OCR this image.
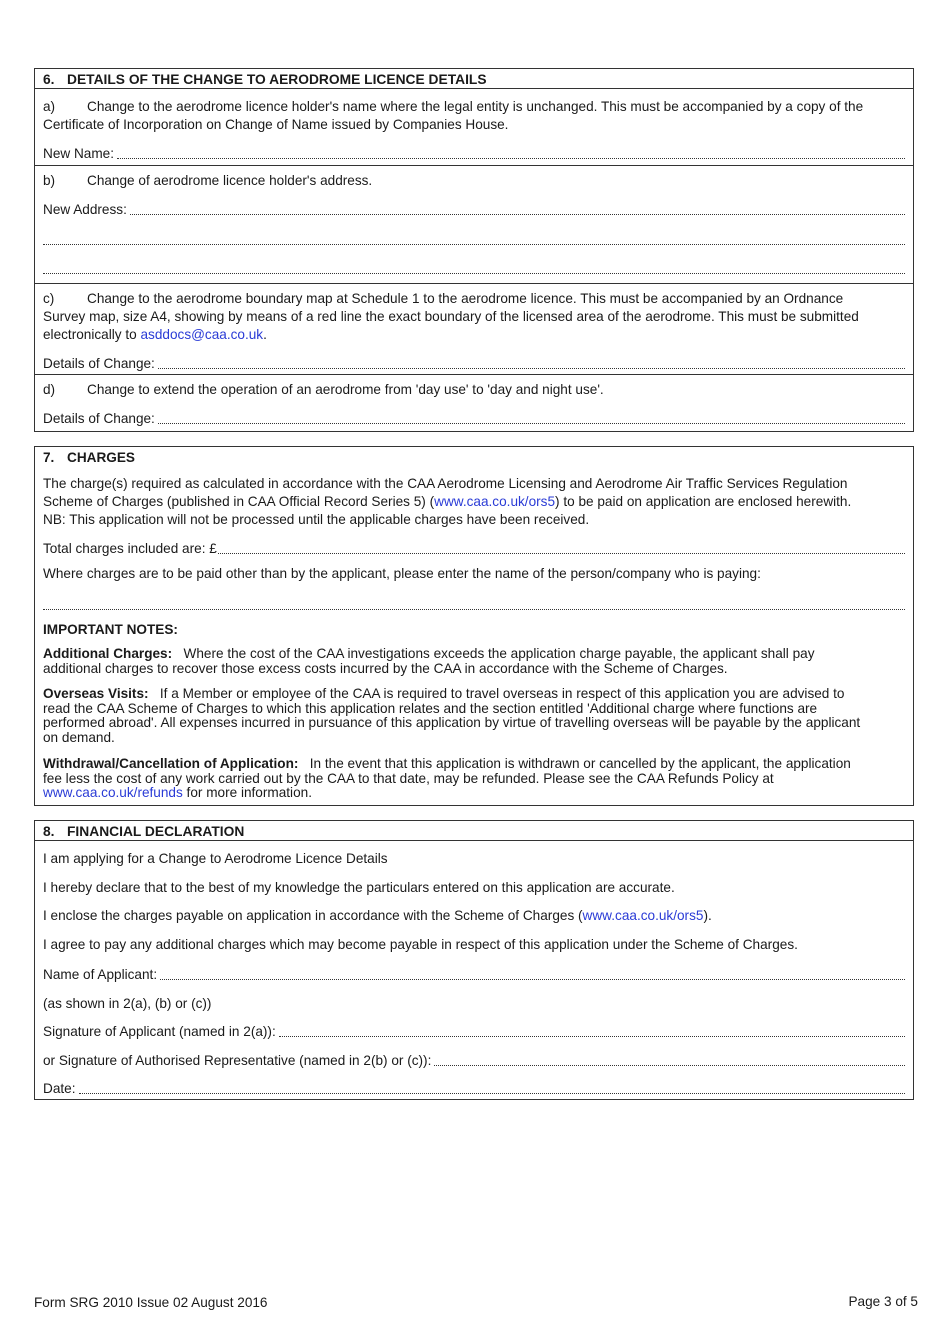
6. DETAILS OF THE CHANGE TO AERODROME LICENCE DETAILS

a) Change to the aerodrome licence holder's name where the legal entity is unchanged. This must be accompanied by a copy of the

Certificate of Incorporation on Change of Name issued by Companies House.

New Name:

b) Change of aerodrome licence holder's address.

New Address:

c) Change to the aerodrome boundary map at Schedule 1 to the aerodrome licence. This must be accompanied by an Ordnance

Survey map, size A4, showing by means of a red line the exact boundary of the licensed area of the aerodrome. This must be submitted

electronically to asddocs@caa.co.uk.

Details of Change:

d) Change to extend the operation of an aerodrome from 'day use' to 'day and night use'.

Details of Change:
7. CHARGES

The charge(s) required as calculated in accordance with the CAA Aerodrome Licensing and Aerodrome Air Traffic Services Regulation

Scheme of Charges (published in CAA Official Record Series 5) (www.caa.co.uk/ors5) to be paid on application are enclosed herewith.

NB: This application will not be processed until the applicable charges have been received.

Total charges included are: £

Where charges are to be paid other than by the applicant, please enter the name of the person/company who is paying:

IMPORTANT NOTES:

Additional Charges: Where the cost of the CAA investigations exceeds the application charge payable, the applicant shall pay

additional charges to recover those excess costs incurred by the CAA in accordance with the Scheme of Charges.

Overseas Visits: If a Member or employee of the CAA is required to travel overseas in respect of this application you are advised to

read the CAA Scheme of Charges to which this application relates and the section entitled 'Additional charge where functions are

performed abroad'. All expenses incurred in pursuance of this application by virtue of travelling overseas will be payable by the applicant

on demand.

Withdrawal/Cancellation of Application: In the event that this application is withdrawn or cancelled by the applicant, the application

fee less the cost of any work carried out by the CAA to that date, may be refunded. Please see the CAA Refunds Policy at

www.caa.co.uk/refunds for more information.

8. FINANCIAL DECLARATION

I am applying for a Change to Aerodrome Licence Details

I hereby declare that to the best of my knowledge the particulars entered on this application are accurate.

I enclose the charges payable on application in accordance with the Scheme of Charges (www.caa.co.uk/ors5).

I agree to pay any additional charges which may become payable in respect of this application under the Scheme of Charges.

Name of Applicant:

(as shown in 2(a), (b) or (c))

Signature of Applicant (named in 2(a)):
or Signature of Authorised Representative (named in 2(b) or (c)):
Date:
Form SRG 2010 Issue 02 August 2016	Page 3 of 5
